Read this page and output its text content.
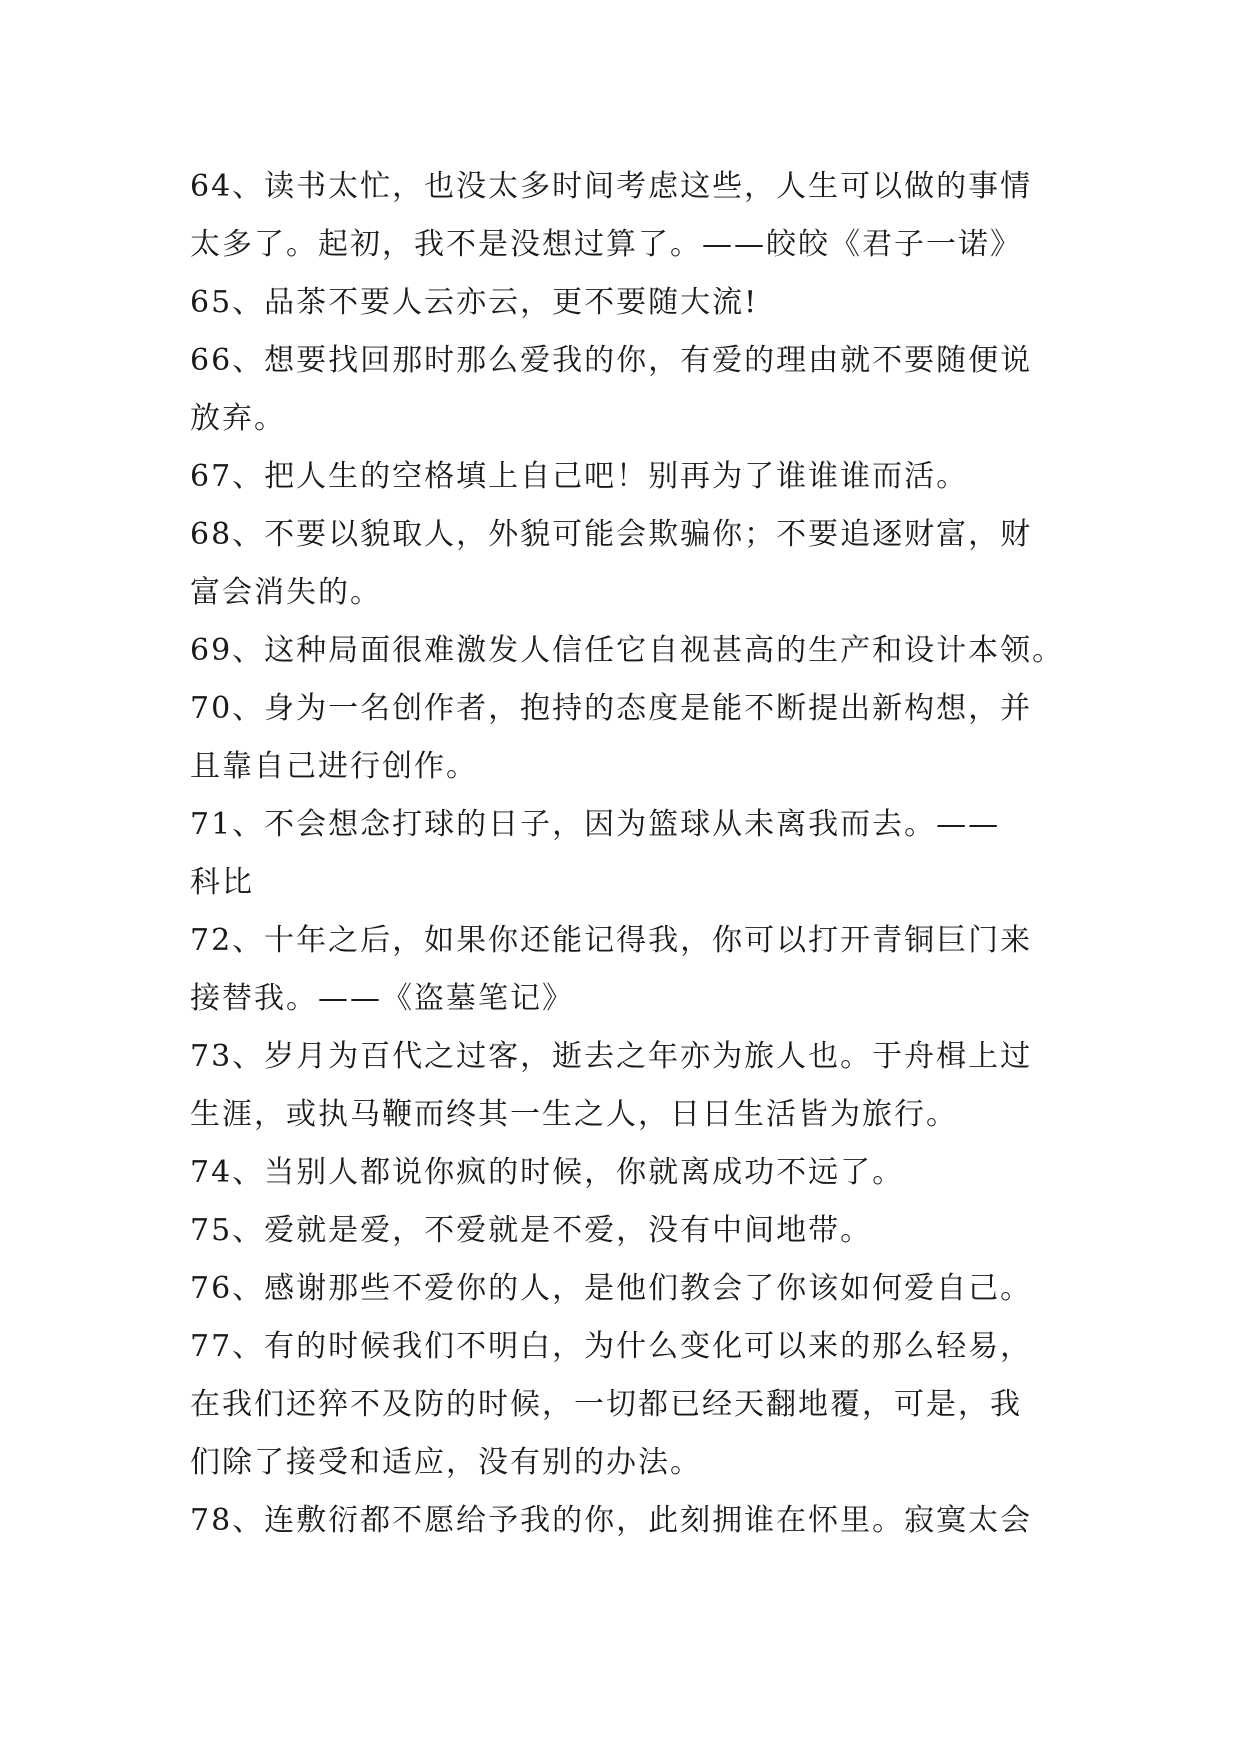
64、读书太忙，也没太多时间考虑这些，人生可以做的事情
太多了。起初，我不是没想过算了。——皎皎《君子一诺》
65、品茶不要人云亦云，更不要随大流!
66、想要找回那时那么爱我的你，有爱的理由就不要随便说
放弃。
67、把人生的空格填上自己吧！别再为了谁谁谁而活。
68、不要以貌取人，外貌可能会欺骗你；不要追逐财富，财
富会消失的。
69、这种局面很难激发人信任它自视甚高的生产和设计本领。
70、身为一名创作者，抱持的态度是能不断提出新构想，并
且靠自己进行创作。
71、不会想念打球的日子，因为篮球从未离我而去。——
科比
72、十年之后，如果你还能记得我，你可以打开青铜巨门来
接替我。——《盗墓笔记》
73、岁月为百代之过客，逝去之年亦为旅人也。于舟楫上过
生涯，或执马鞭而终其一生之人，日日生活皆为旅行。
74、当别人都说你疯的时候，你就离成功不远了。
75、爱就是爱，不爱就是不爱，没有中间地带。
76、感谢那些不爱你的人，是他们教会了你该如何爱自己。
77、有的时候我们不明白，为什么变化可以来的那么轻易，
在我们还猝不及防的时候，一切都已经天翻地覆，可是，我
们除了接受和适应，没有别的办法。
78、连敷衍都不愿给予我的你，此刻拥谁在怀里。寂寞太会
